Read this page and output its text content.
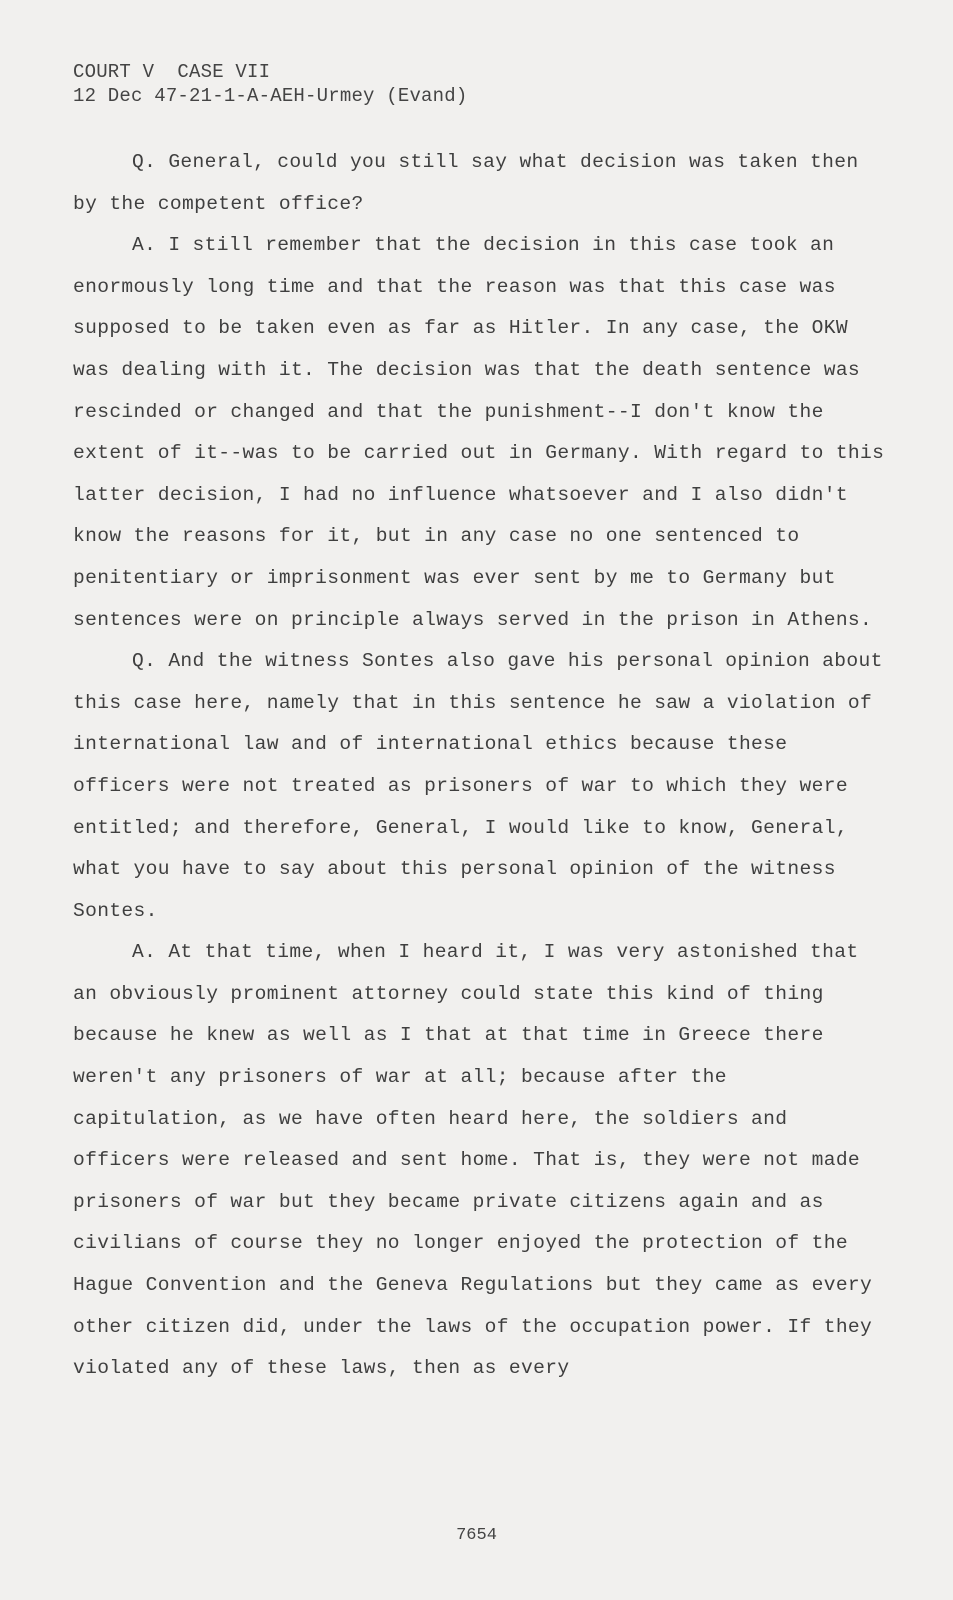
COURT V  CASE VII
12 Dec 47-21-1-A-AEH-Urmey (Evand)

Q. General, could you still say what decision was taken then by the competent office?

A. I still remember that the decision in this case took an enormously long time and that the reason was that this case was supposed to be taken even as far as Hitler. In any case, the OKW was dealing with it. The decision was that the death sentence was rescinded or changed and that the punishment--I don't know the extent of it--was to be carried out in Germany. With regard to this latter decision, I had no influence whatsoever and I also didn't know the reasons for it, but in any case no one sentenced to penitentiary or imprisonment was ever sent by me to Germany but sentences were on principle always served in the prison in Athens.

Q. And the witness Sontes also gave his personal opinion about this case here, namely that in this sentence he saw a violation of international law and of international ethics because these officers were not treated as prisoners of war to which they were entitled; and therefore, General, I would like to know, General, what you have to say about this personal opinion of the witness Sontes.

A. At that time, when I heard it, I was very astonished that an obviously prominent attorney could state this kind of thing because he knew as well as I that at that time in Greece there weren't any prisoners of war at all; because after the capitulation, as we have often heard here, the soldiers and officers were released and sent home. That is, they were not made prisoners of war but they became private citizens again and as civilians of course they no longer enjoyed the protection of the Hague Convention and the Geneva Regulations but they came as every other citizen did, under the laws of the occupation power. If they violated any of these laws, then as every

7654
